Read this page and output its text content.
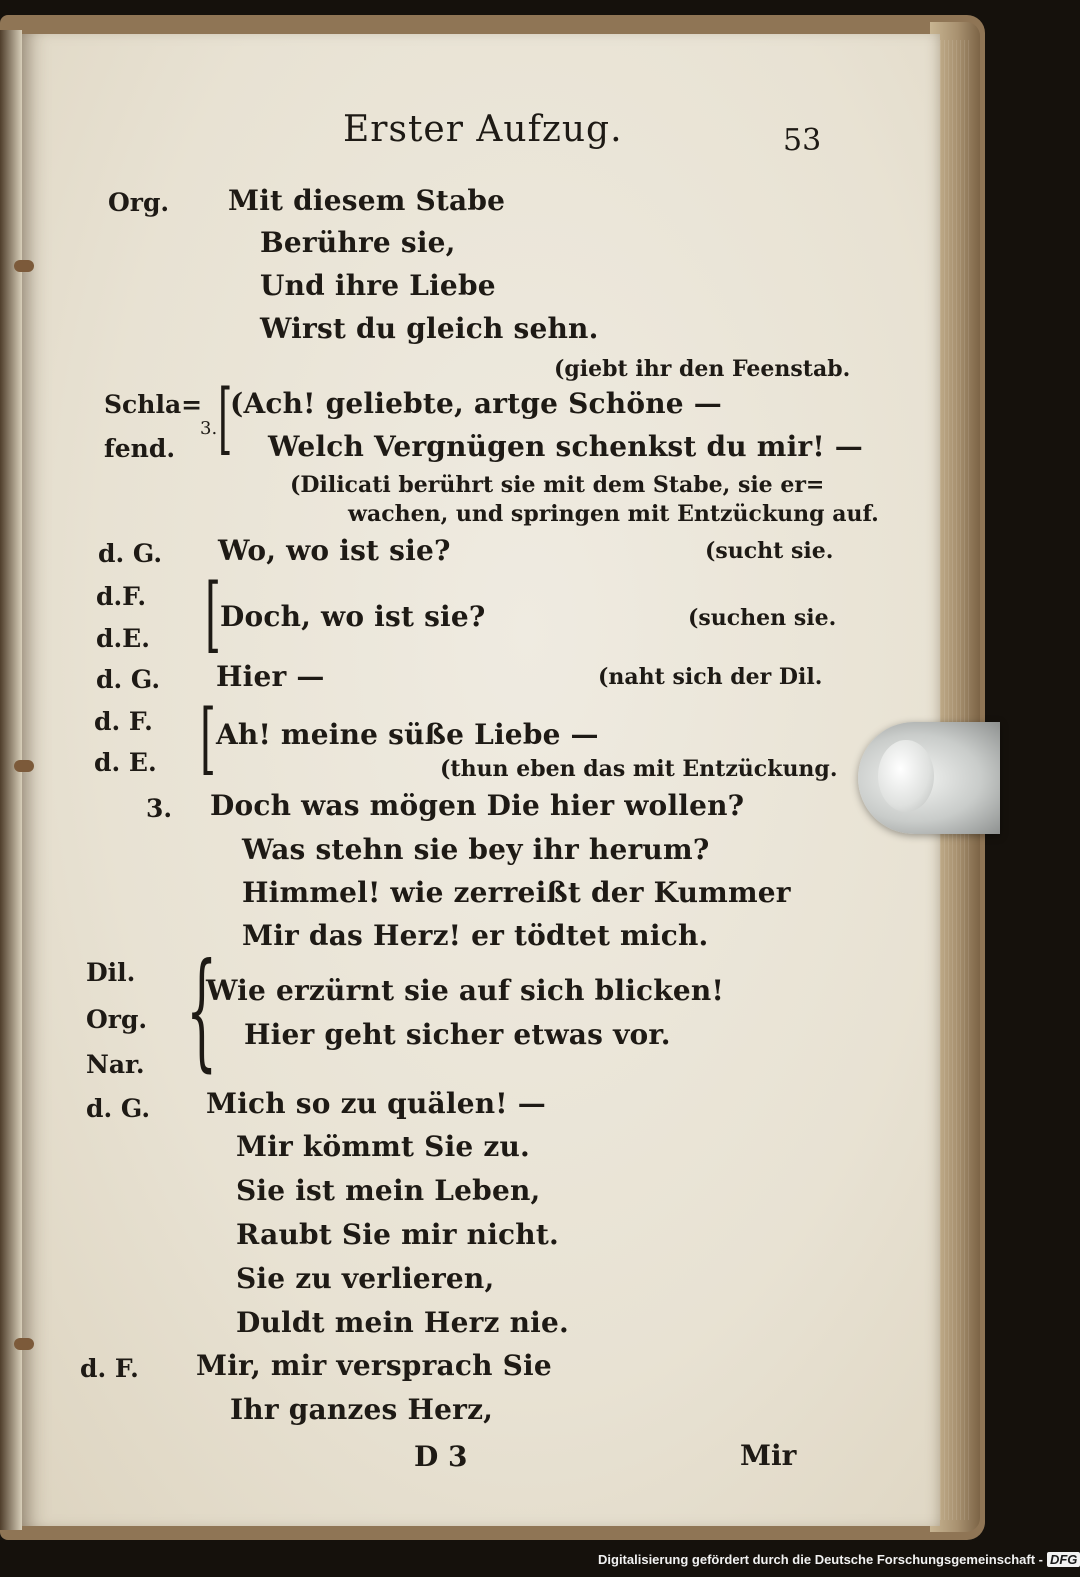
Erster Aufzug.	53

Org. Mit diesem Stabe

Berühre sie,

Und ihre Liebe

Wirst du gleich sehn.

(giebt ihr den Feenstab.

Schla=

fend.

3. [

(Ach! geliebte, artge Schöne —

Welch Vergnügen schenkst du mir! —

(Dilicati berührt sie mit dem Stabe, sie er=

wachen, und springen mit Entzückung auf.

d. G. Wo, wo ist sie?	(sucht sie.

d.F.

d.E. [ Doch, wo ist sie?	(suchen sie.

d. G. Hier —	(naht sich der Dil.

d. F.

d. E. [ Ah! meine süße Liebe —

(thun eben das mit Entzückung.

3. Doch was mögen Die hier wollen?

Was stehn sie bey ihr herum?

Himmel! wie zerreißt der Kummer

Mir das Herz! er tödtet mich.

Dil.

Org.

Nar. {

Wie erzürnt sie auf sich blicken!

Hier geht sicher etwas vor.

d. G. Mich so zu quälen! —

Mir kömmt Sie zu.

Sie ist mein Leben,

Raubt Sie mir nicht.

Sie zu verlieren,

Duldt mein Herz nie.

d. F. Mir, mir versprach Sie

Ihr ganzes Herz,

D 3	Mir

Digitalisierung gefördert durch die Deutsche Forschungsgemeinschaft - DFG
